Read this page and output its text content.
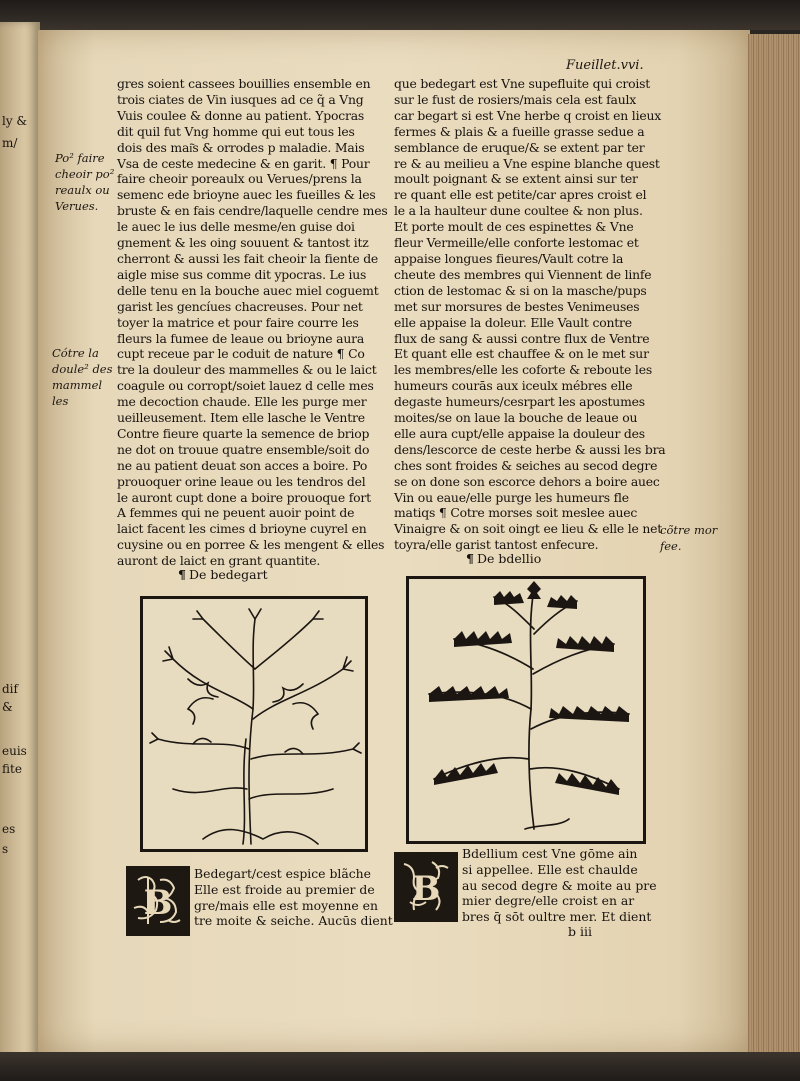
ly &
m/
dif
&
euis
fite
es
s
Fueillet.vvi.

Po² faire

cheoir po²

reaulx ou

Verues.

Cótre la

doule² des

mammel

les

cõtre mor

fee.

gres soient cassees bouillies ensemble en

trois ciates de Vin iusques ad ce q̃ a Vng

Vuis coulee & donne au patient. Ypocras

dit quil fut Vng homme qui eut tous les

dois des mai͂s & orrodes p maladie. Mais

Vsa de ceste medecine & en garit. ¶ Pour

faire cheoir poreaulx ou Verues/prens la

semenc ede brioyne auec les fueilles & les

bruste & en fais cendre/laquelle cendre mes

le auec le ius delle mesme/en guise doi

gnement & les oing souuent & tantost itz

cherront & aussi les fait cheoir la fiente de

aigle mise sus comme dit ypocras. Le ius

delle tenu en la bouche auec miel coguemt

garist les gencíues chacreuses. Pour net

toyer la matrice et pour faire courre les

fleurs la fumee de leaue ou brioyne aura

cupt receue par le coduit de nature ¶ Co

tre la douleur des mammelles & ou le laict

coagule ou corropt/soiet lauez d celle mes

me decoction chaude. Elle les purge mer

ueilleusement. Item elle lasche le Ventre

Contre fieure quarte la semence de briop

ne dot on trouue quatre ensemble/soit do

ne au patient deuat son acces a boire. Po

prouoquer orine leaue ou les tendros del

le auront cupt done a boire prouoque fort

A femmes qui ne peuent auoir point de

laict facent les cimes d brioyne cuyrel en

cuysine ou en porree & les mengent & elles

auront de laict en grant quantite.

que bedegart est Vne supefluite qui croist

sur le fust de rosiers/mais cela est faulx

car begart si est Vne herbe q croist en lieux

fermes & plais & a fueille grasse sedue a

semblance de eruque/& se extent par ter

re & au meilieu a Vne espine blanche quest

moult poignant & se extent ainsi sur ter

re quant elle est petite/car apres croist el

le a la haulteur dune coultee & non plus.

Et porte moult de ces espinettes & Vne

fleur Vermeille/elle conforte lestomac et

appaise longues fieures/Vault cotre la

cheute des membres qui Viennent de linfe

ction de lestomac & si on la masche/pups

met sur morsures de bestes Venimeuses

elle appaise la doleur. Elle Vault contre

flux de sang & aussi contre flux de Ventre

Et quant elle est chauffee & on le met sur

les membres/elle les coforte & reboute les

humeurs courās aux iceulx mébres elle

degaste humeurs/cesrpart les apostumes

moites/se on laue la bouche de leaue ou

elle aura cupt/elle appaise la douleur des

dens/lescorce de ceste herbe & aussi les bra

ches sont froides & seiches au secod degre

se on done son escorce dehors a boire auec

Vin ou eaue/elle purge les humeurs fle

matiqs ¶ Cotre morses soit meslee auec

Vinaigre & on soit oingt ee lieu & elle le net

toyra/elle garist tantost enfecure.

¶ De bedegart
¶ De bdellio
B	B

Bedegart/cest espice blãche

Elle est froide au premier de

gre/mais elle est moyenne en

tre moite & seiche. Aucūs dient

Bdellium cest Vne gōme ain

si appellee. Elle est chaulde

au secod degre & moite au pre

mier degre/elle croist en ar

bres q̄ sōt oultre mer. Et dient

b iii
